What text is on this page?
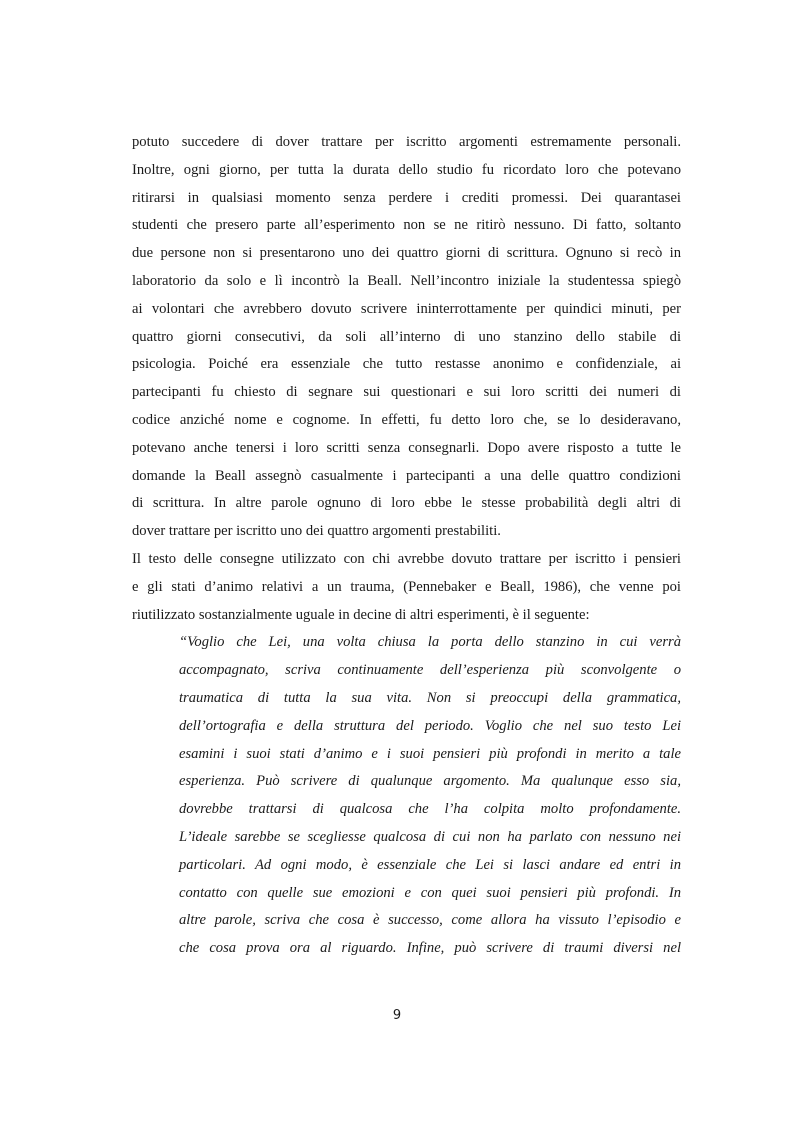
potuto succedere di dover trattare per iscritto argomenti estremamente personali.
Inoltre, ogni giorno, per tutta la durata dello studio fu ricordato loro che potevano
ritirarsi in qualsiasi momento senza perdere i crediti promessi. Dei quarantasei
studenti che presero parte all’esperimento non se ne ritirò nessuno. Di fatto, soltanto
due persone non si presentarono uno dei quattro giorni di scrittura. Ognuno si recò in
laboratorio da solo e lì incontrò la Beall. Nell’incontro iniziale la studentessa spiegò
ai volontari che avrebbero dovuto scrivere ininterrottamente per quindici minuti, per
quattro giorni consecutivi, da soli all’interno di uno stanzino dello stabile di
psicologia. Poiché era essenziale che tutto restasse anonimo e confidenziale, ai
partecipanti fu chiesto di segnare sui questionari e sui loro scritti dei numeri di
codice anziché nome e cognome. In effetti, fu detto loro che, se lo desideravano,
potevano anche tenersi i loro scritti senza consegnarli. Dopo avere risposto a tutte le
domande la Beall assegnò casualmente i partecipanti a una delle quattro condizioni
di scrittura. In altre parole ognuno di loro ebbe le stesse probabilità degli altri di
dover trattare per iscritto uno dei quattro argomenti prestabiliti.

Il testo delle consegne utilizzato con chi avrebbe dovuto trattare per iscritto i pensieri
e gli stati d’animo relativi a un trauma, (Pennebaker e Beall, 1986), che venne poi
riutilizzato sostanzialmente uguale in decine di altri esperimenti, è il seguente:

“Voglio che Lei, una volta chiusa la porta dello stanzino in cui verrà
accompagnato, scriva continuamente dell’esperienza più sconvolgente o
traumatica di tutta la sua vita. Non si preoccupi della grammatica,
dell’ortografia e della struttura del periodo. Voglio che nel suo testo Lei
esamini i suoi stati d’animo e i suoi pensieri più profondi in merito a tale
esperienza. Può scrivere di qualunque argomento. Ma qualunque esso sia,
dovrebbe trattarsi di qualcosa che l’ha colpita molto profondamente.
L’ideale sarebbe se scegliesse qualcosa di cui non ha parlato con nessuno nei
particolari. Ad ogni modo, è essenziale che Lei si lasci andare ed entri in
contatto con quelle sue emozioni e con quei suoi pensieri più profondi. In
altre parole, scriva che cosa è successo, come allora ha vissuto l’episodio e
che cosa prova ora al riguardo. Infine, può scrivere di traumi diversi nel

9
